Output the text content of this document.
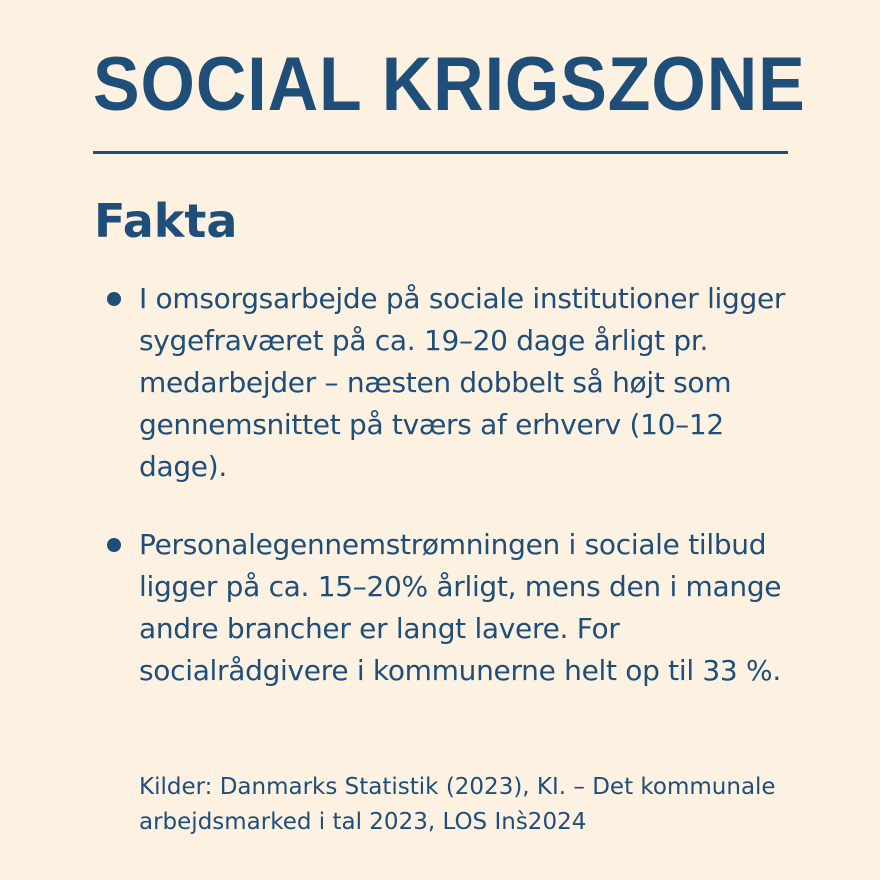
SOCIAL KRIGSZONE
Fakta
I omsorgsarbejde på sociale institutioner ligger sygefraværet på ca. 19–20 dage årligt pr. medarbejder – næsten dobbelt så højt som gennemsnittet på tværs af erhverv (10–12 dage).
Personalegennemstrømningen i sociale tilbud ligger på ca. 15–20% årligt, mens den i mange andre brancher er langt lavere. For socialrådgivere i kommunerne helt op til 33 %.

Kilder: Danmarks Statistik (2023), KI. – Det kommunale arbejdsmarked i tal 2023, LOS Ins̀2024
